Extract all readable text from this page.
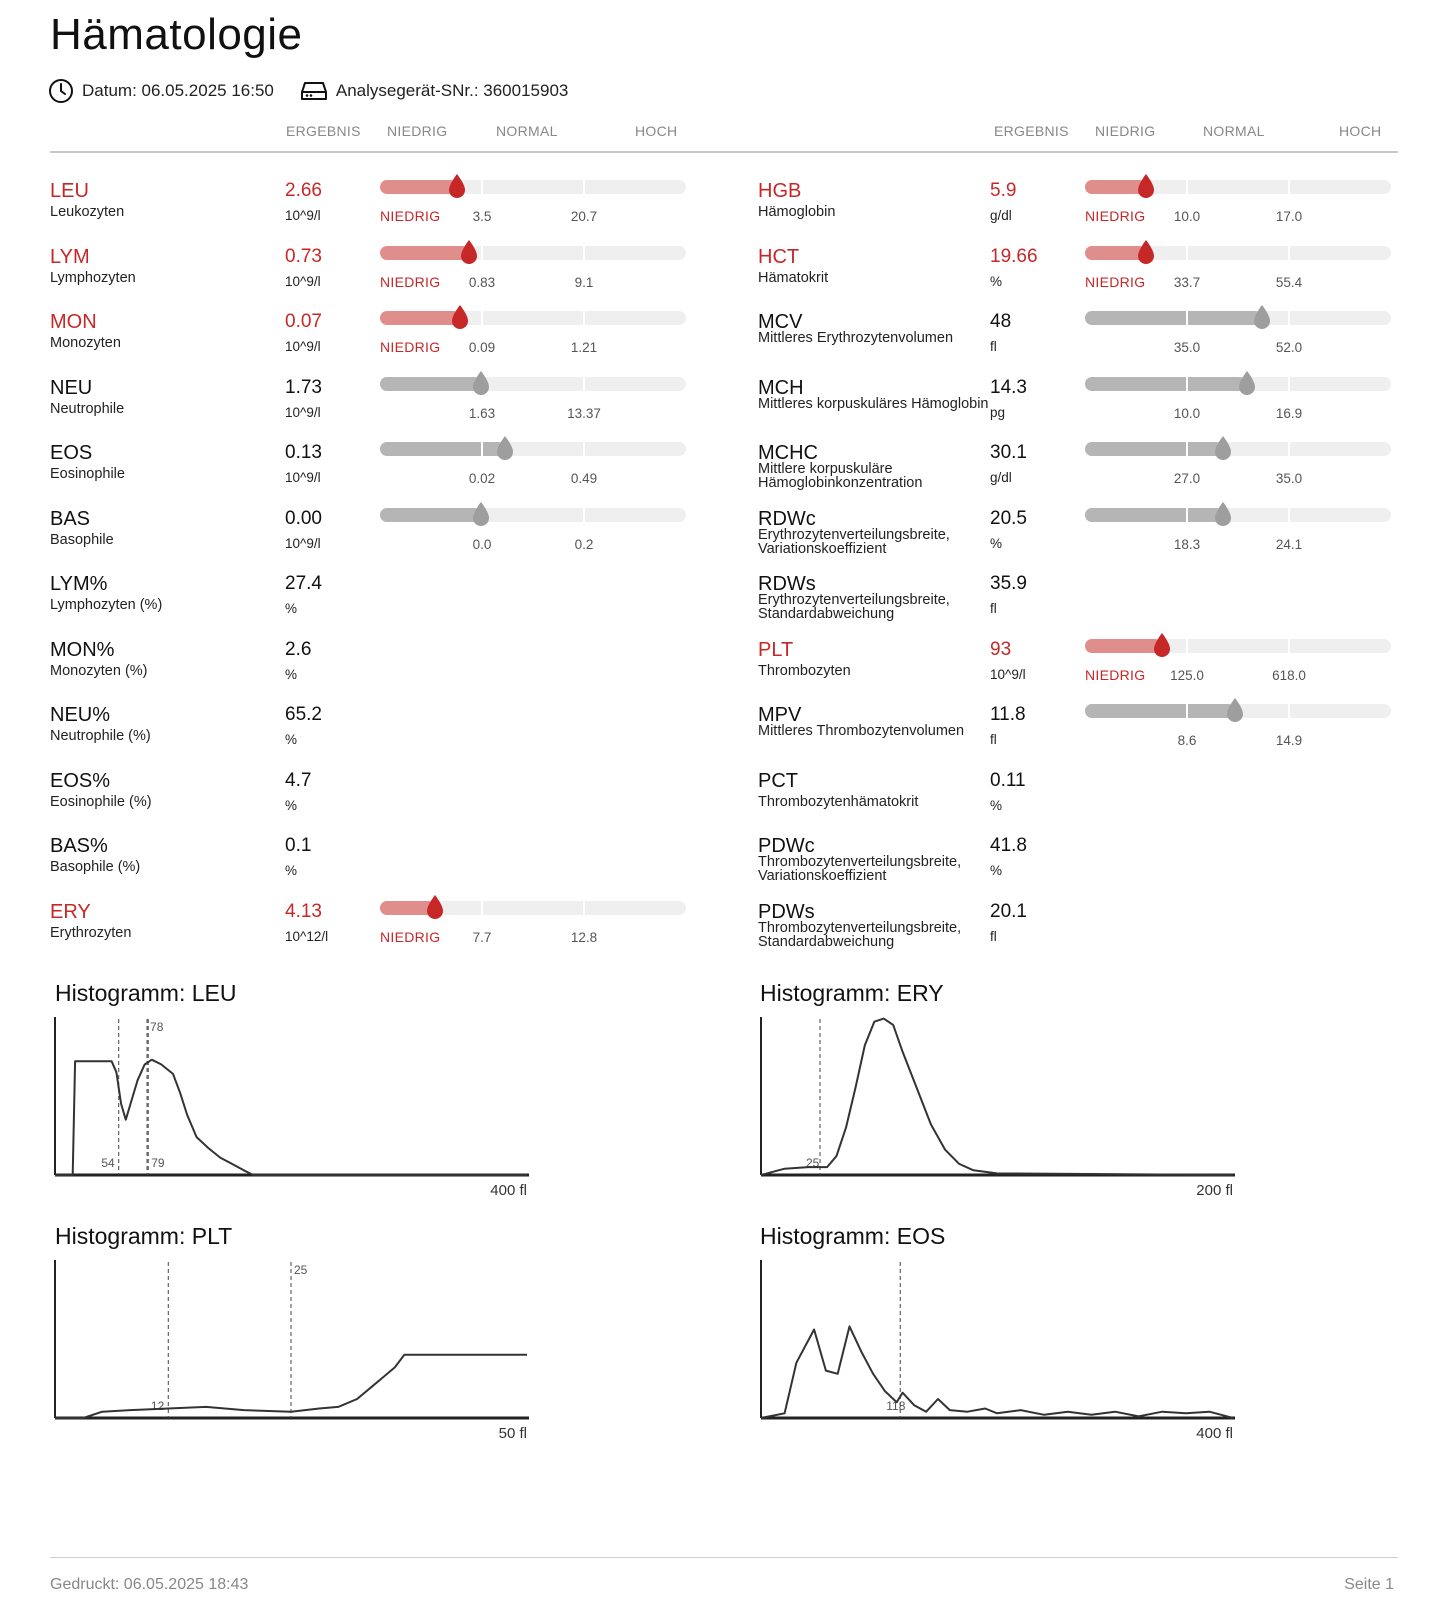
Hämatologie
Datum: 06.05.2025 16:50	Analysegerät-SNr.: 360015903
ERGEBNIS NIEDRIG	NORMAL	HOCH	ERGEBNIS NIEDRIG	NORMAL	HOCH
LEU
Leukozyten
2.66
10^9/l	NIEDRIG 3.5	20.7
LYM
Lymphozyten
0.73
10^9/l	NIEDRIG 0.83	9.1
MON
Monozyten
0.07
10^9/l	NIEDRIG 0.09	1.21
NEU
Neutrophile
1.73
10^9/l	1.63	13.37
EOS
Eosinophile
0.13
10^9/l	0.02	0.49
BAS
Basophile
0.00
10^9/l	0.0	0.2
LYM%
Lymphozyten (%)
27.4
%
MON%
Monozyten (%)
2.6
%
NEU%
Neutrophile (%)
65.2
%
EOS%
Eosinophile (%)
4.7
%
BAS%
Basophile (%)
0.1
%
ERY
Erythrozyten
4.13
10^12/l	NIEDRIG 7.7	12.8
HGB
Hämoglobin
5.9
g/dl	NIEDRIG 10.0	17.0
HCT
Hämatokrit
19.66
%	NIEDRIG 33.7	55.4
MCV
Mittleres Erythrozytenvolumen
48
fl	35.0	52.0
MCH
Mittleres korpuskuläres Hämoglobin
14.3
pg	10.0	16.9
MCHC
Mittlere korpuskuläre Hämoglobinkonzentration
30.1
g/dl	27.0	35.0
RDWc
Erythrozytenverteilungsbreite, Variationskoeffizient
20.5
%	18.3	24.1
RDWs
Erythrozytenverteilungsbreite, Standardabweichung
35.9
fl
PLT
Thrombozyten
93
10^9/l	NIEDRIG 125.0	618.0
MPV
Mittleres Thrombozytenvolumen
11.8
fl	8.6	14.9
PCT
Thrombozytenhämatokrit
0.11
%
PDWc
Thrombozytenverteilungsbreite, Variationskoeffizient
41.8
%
PDWs
Thrombozytenverteilungsbreite, Standardabweichung
20.1
fl
Histogramm: LEU
54
78
79
400 fl
Histogramm: ERY
25
200 fl
Histogramm: PLT
12
25
50 fl
Histogramm: EOS
118
400 fl
Gedruckt: 06.05.2025 18:43	Seite 1
